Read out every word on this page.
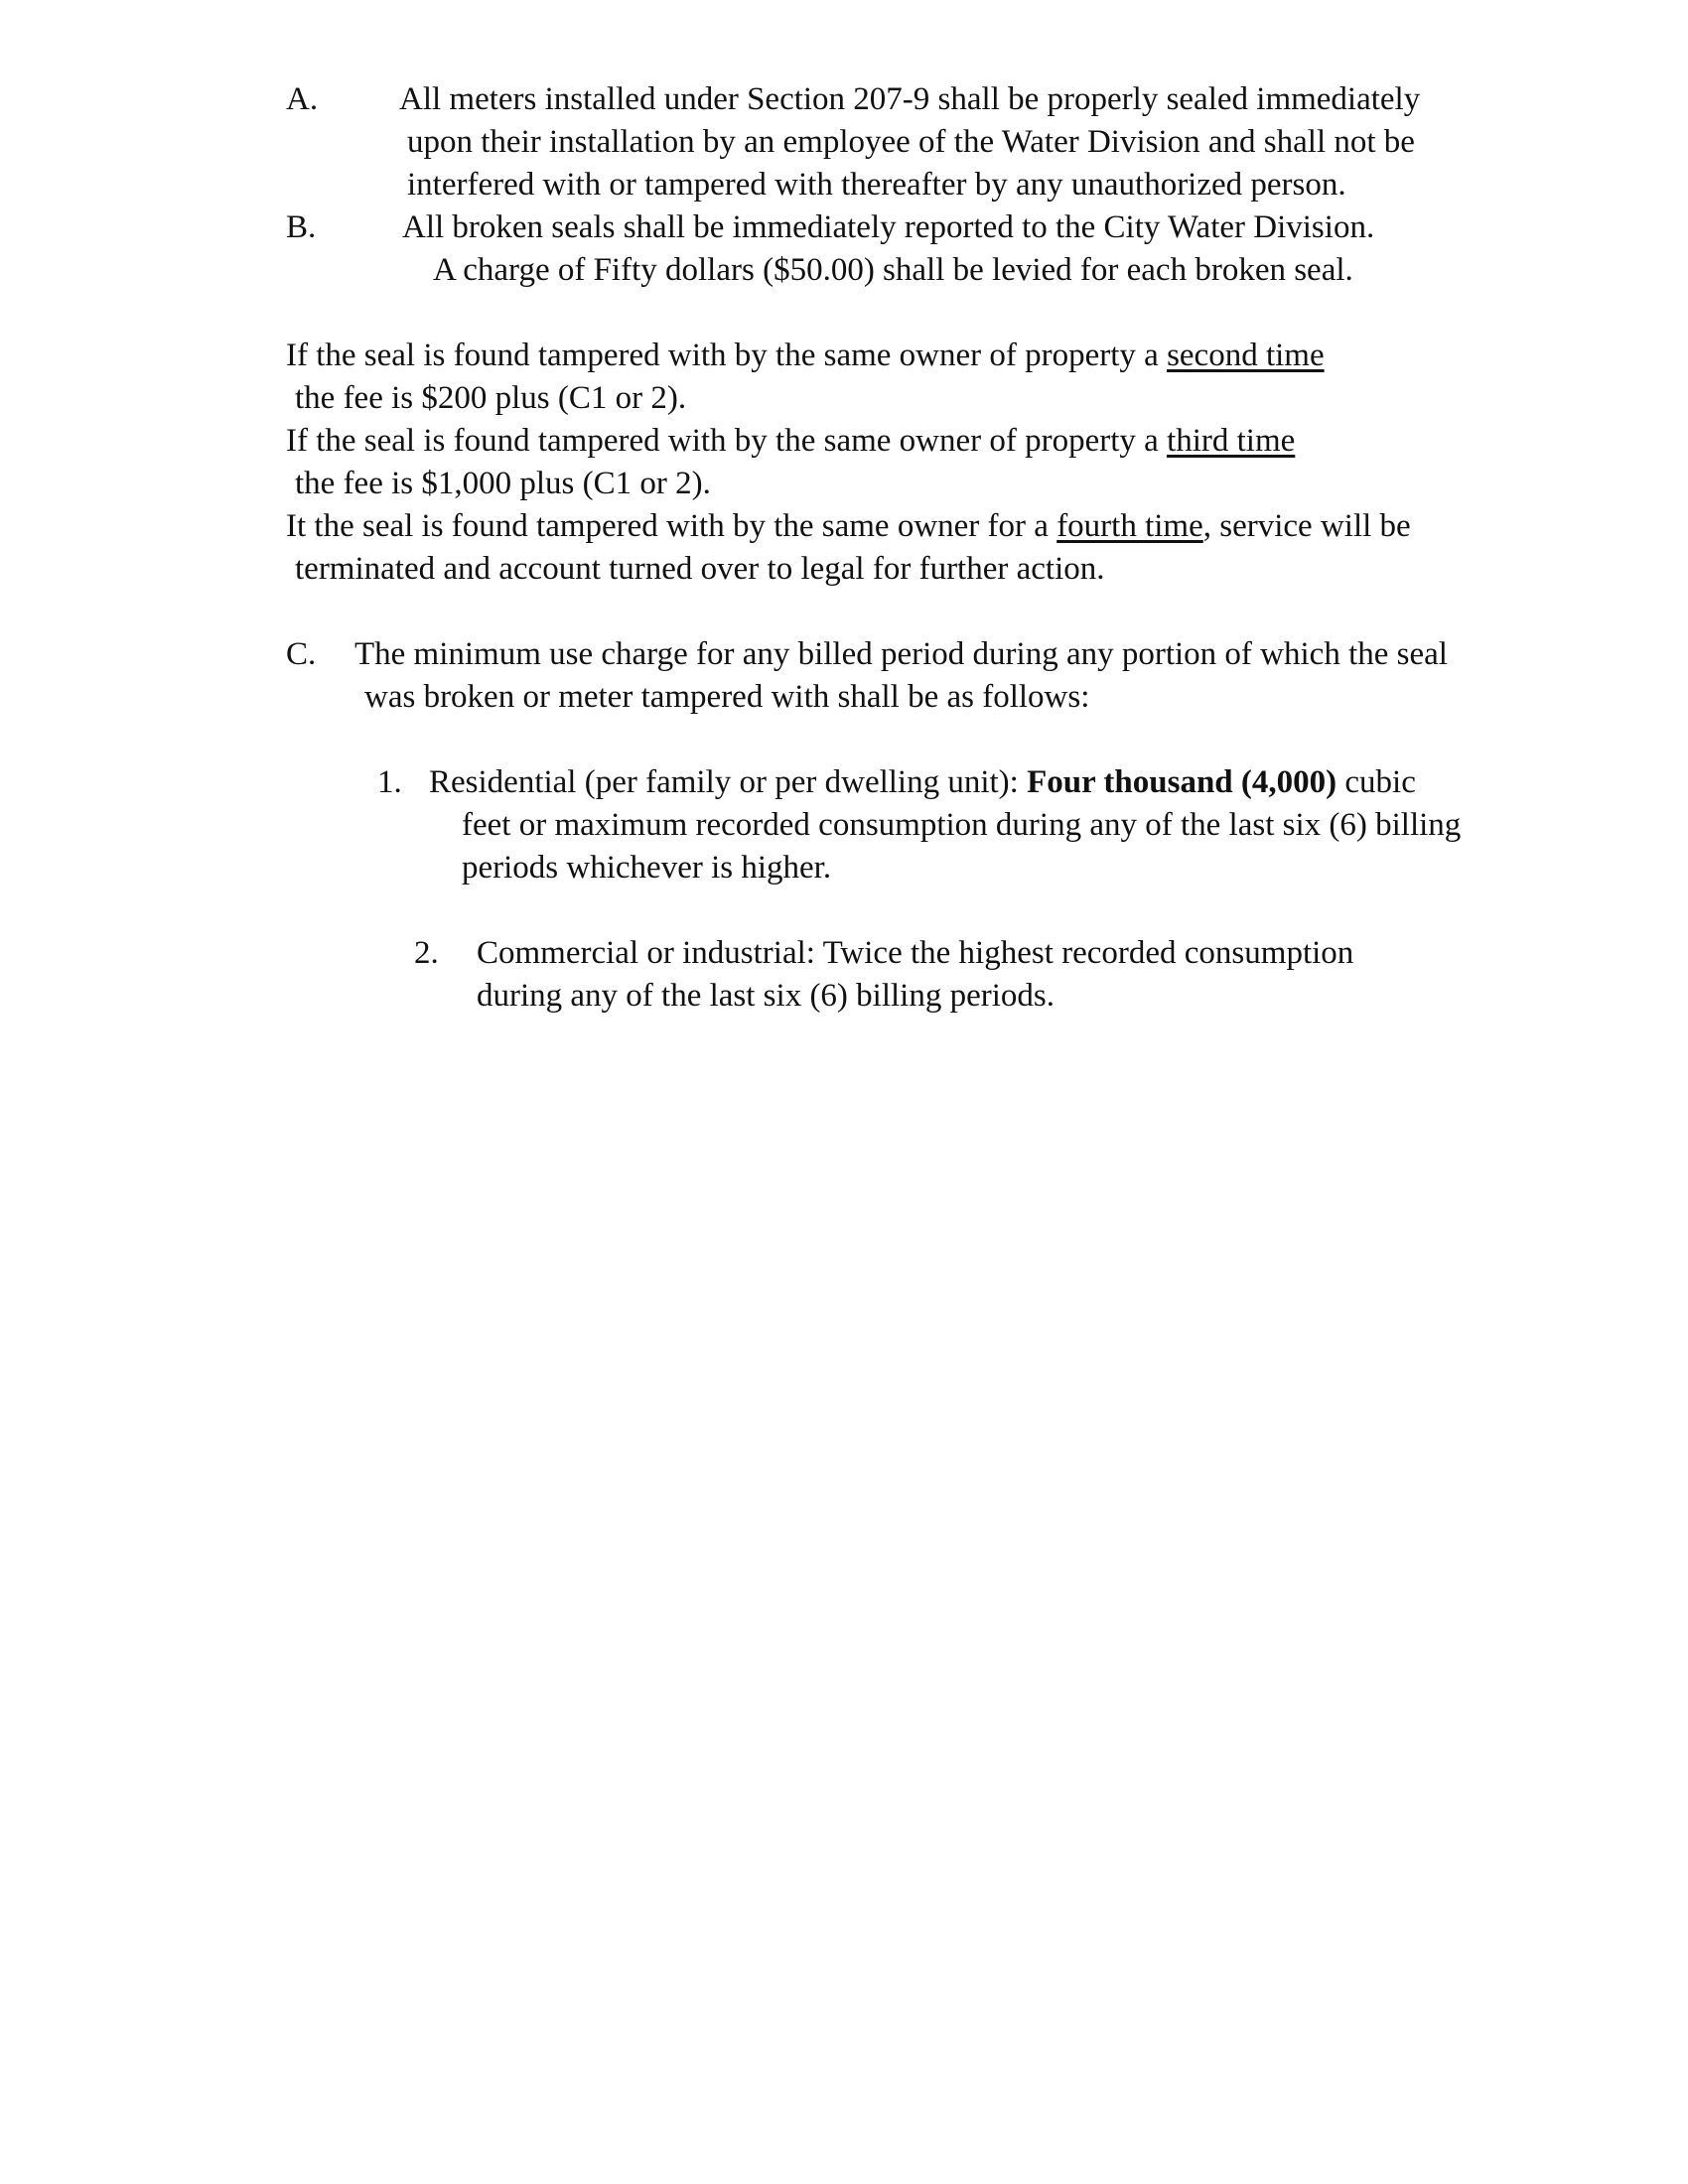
A. All meters installed under Section 207-9 shall be properly sealed immediately

upon their installation by an employee of the Water Division and shall not be

interfered with or tampered with thereafter by any unauthorized person.

B.	All broken seals shall be immediately reported to the City Water Division.

A charge of Fifty dollars ($50.00) shall be levied for each broken seal.

If the seal is found tampered with by the same owner of property a second time

the fee is $200 plus (C1 or 2).

If the seal is found tampered with by the same owner of property a third time

the fee is $1,000 plus (C1 or 2).

It the seal is found tampered with by the same owner for a fourth time, service will be

terminated and account turned over to legal for further action.

C. The minimum use charge for any billed period during any portion of which the seal

was broken or meter tampered with shall be as follows:

1. Residential (per family or per dwelling unit): Four thousand (4,000) cubic

feet or maximum recorded consumption during any of the last six (6) billing

periods whichever is higher.

2. Commercial or industrial: Twice the highest recorded consumption

during any of the last six (6) billing periods.
